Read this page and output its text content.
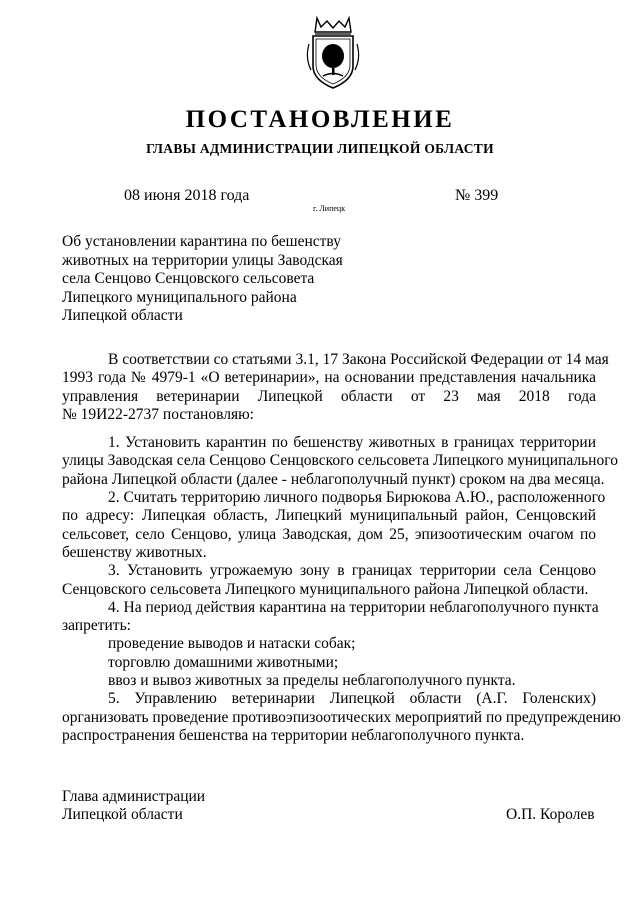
ПОСТАНОВЛЕНИЕ
ГЛАВЫ АДМИНИСТРАЦИИ ЛИПЕЦКОЙ ОБЛАСТИ
08 июня 2018 года
г. Липецк
№ 399
Об установлении карантина по бешенству
животных на территории улицы Заводская
села Сенцово Сенцовского сельсовета
Липецкого муниципального района
Липецкой области
В соответствии со статьями 3.1, 17 Закона Российской Федерации от 14 мая
1993 года № 4979-1 «О ветеринарии», на основании представления начальника
управления ветеринарии Липецкой области от 23 мая 2018 года
№ 19И22-2737 постановляю:
1. Установить карантин по бешенству животных в границах территории
улицы Заводская села Сенцово Сенцовского сельсовета Липецкого муниципального
района Липецкой области (далее - неблагополучный пункт) сроком на два месяца.
2. Считать территорию личного подворья Бирюкова А.Ю., расположенного
по адресу: Липецкая область, Липецкий муниципальный район, Сенцовский
сельсовет, село Сенцово, улица Заводская, дом 25, эпизоотическим очагом по
бешенству животных.
3. Установить угрожаемую зону в границах территории села Сенцово
Сенцовского сельсовета Липецкого муниципального района Липецкой области.
4. На период действия карантина на территории неблагополучного пункта
запретить:
проведение выводов и натаски собак;
торговлю домашними животными;
ввоз и вывоз животных за пределы неблагополучного пункта.
5. Управлению ветеринарии Липецкой области (А.Г. Голенских)
организовать проведение противоэпизоотических мероприятий по предупреждению
распространения бешенства на территории неблагополучного пункта.
Глава администрации
Липецкой области	О.П. Королев
